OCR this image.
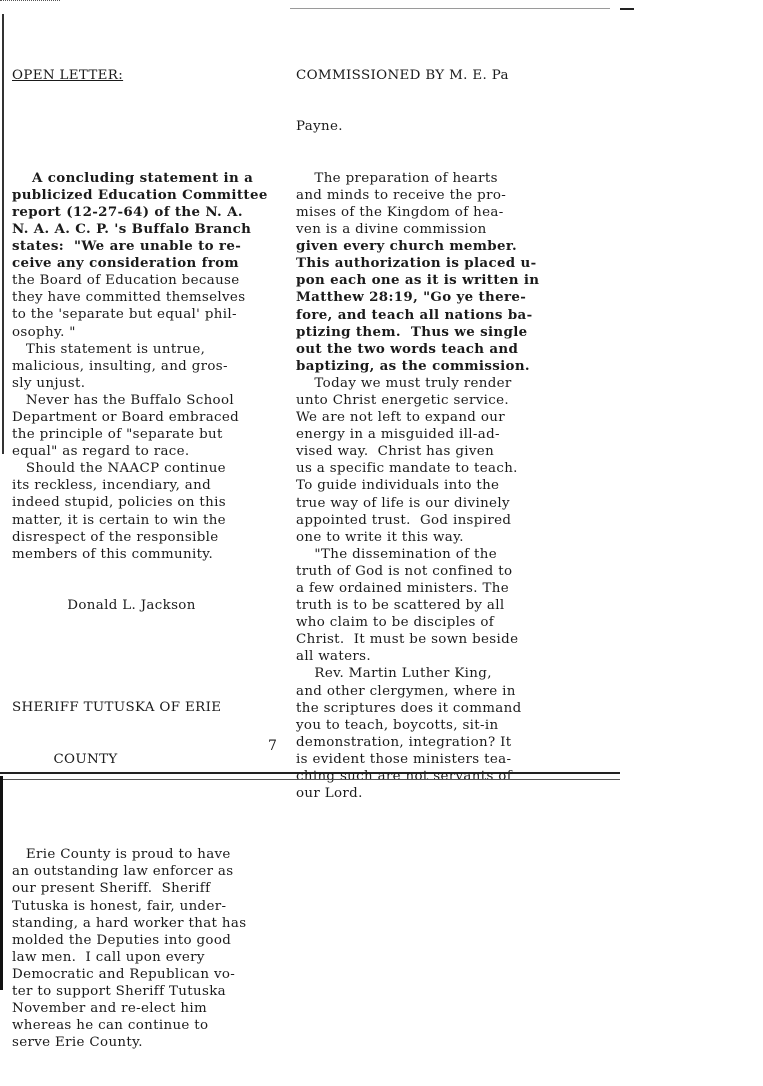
OPEN LETTER:

A concluding statement in a
publicized Education Committee
report (12-27-64) of the N. A.
N. A. A. C. P. 's Buffalo Branch
states:  "We are unable to re-
ceive any consideration from
the Board of Education because
they have committed themselves
to the 'separate but equal' phil-
osophy. "
This statement is untrue,
malicious, insulting, and gros-
sly unjust.
Never has the Buffalo School
Department or Board embraced
the principle of "separate but
equal" as regard to race.
Should the NAACP continue
its reckless, incendiary, and
indeed stupid, policies on this
matter, it is certain to win the
disrespect of the responsible
members of this community.

Donald L. Jackson

SHERIFF TUTUSKA OF ERIE

COUNTY

Erie County is proud to have
an outstanding law enforcer as
our present Sheriff.  Sheriff
Tutuska is honest, fair, under-
standing, a hard worker that has
molded the Deputies into good
law men.  I call upon every
Democratic and Republican vo-
ter to support Sheriff Tutuska
November and re-elect him
whereas he can continue to
serve Erie County.

COMMISSIONED BY M. E. Pa

Payne.

The preparation of hearts
and minds to receive the pro-
mises of the Kingdom of hea-
ven is a divine commission
given every church member.
This authorization is placed u-
pon each one as it is written in
Matthew 28:19, "Go ye there-
fore, and teach all nations ba-
ptizing them.  Thus we single
out the two words teach and
baptizing, as the commission.
Today we must truly render
unto Christ energetic service.
We are not left to expand our
energy in a misguided ill-ad-
vised way.  Christ has given
us a specific mandate to teach.
To guide individuals into the
true way of life is our divinely
appointed trust.  God inspired
one to write it this way.
"The dissemination of the
truth of God is not confined to
a few ordained ministers. The
truth is to be scattered by all
who claim to be disciples of
Christ.  It must be sown beside
all waters.
Rev. Martin Luther King,
and other clergymen, where in
the scriptures does it command
you to teach, boycotts, sit-in
demonstration, integration? It
is evident those ministers tea-
ching such are not servants of
our Lord.

7
